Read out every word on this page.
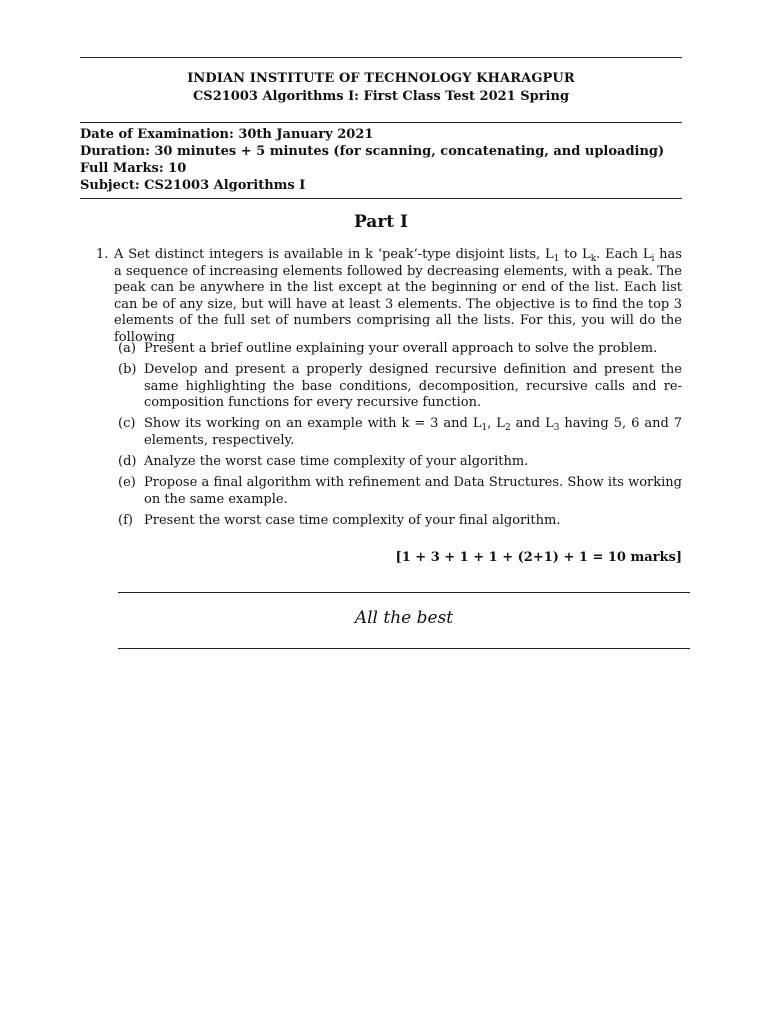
INDIAN INSTITUTE OF TECHNOLOGY KHARAGPUR
CS21003 Algorithms I: First Class Test 2021 Spring
Date of Examination: 30th January 2021
Duration: 30 minutes + 5 minutes (for scanning, concatenating, and uploading)
Full Marks: 10
Subject: CS21003 Algorithms I
Part I
1. A Set distinct integers is available in k ‘peak’-type disjoint lists, $L_1$ to $L_k$. Each $L_i$ has a sequence of increasing elements followed by decreasing elements, with a peak. The peak can be anywhere in the list except at the beginning or end of the list. Each list can be of any size, but will have at least 3 elements. The objective is to find the top 3 elements of the full set of numbers comprising all the lists. For this, you will do the following
(a) Present a brief outline explaining your overall approach to solve the problem.
(b) Develop and present a properly designed recursive definition and present the same highlighting the base conditions, decomposition, recursive calls and re-composition functions for every recursive function.
(c) Show its working on an example with k = 3 and $L_1$, $L_2$ and $L_3$ having 5, 6 and 7 elements, respectively.
(d) Analyze the worst case time complexity of your algorithm.
(e) Propose a final algorithm with refinement and Data Structures. Show its working on the same example.
(f) Present the worst case time complexity of your final algorithm.
[1 + 3 + 1 + 1 + (2+1) + 1 = 10 marks]
All the best
